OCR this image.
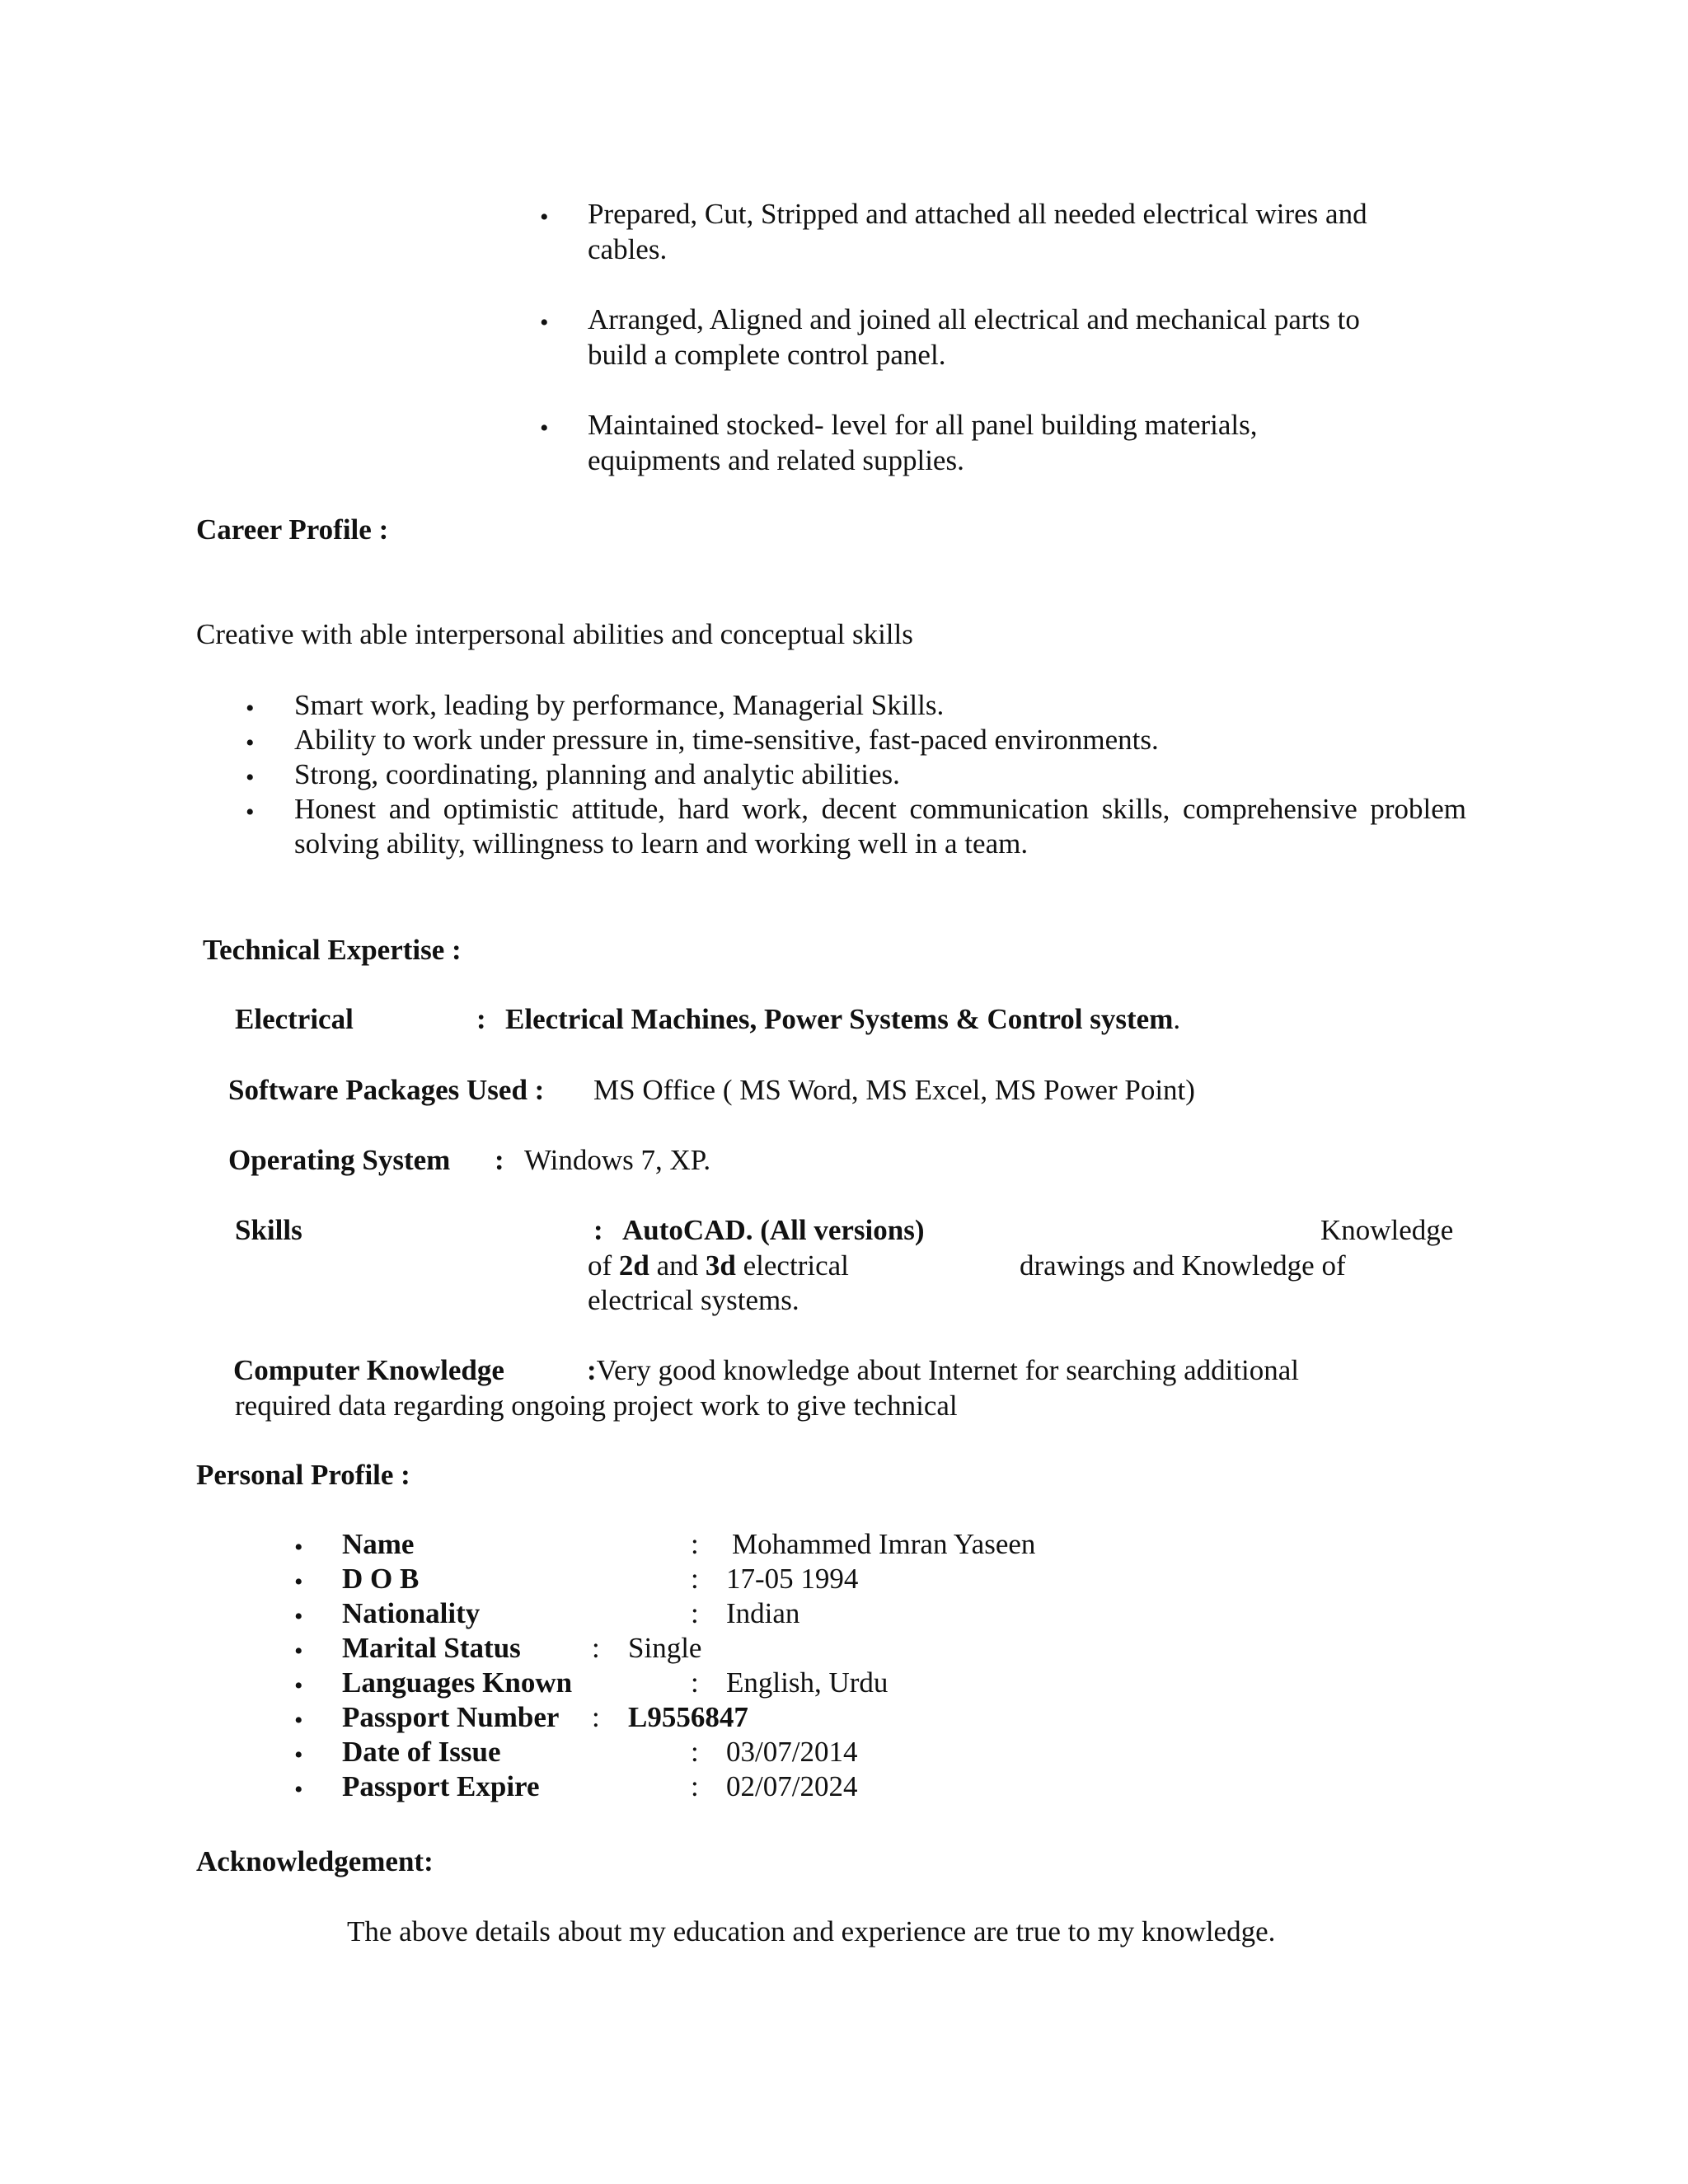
• Prepared, Cut, Stripped and attached all needed electrical wires and
cables.
• Arranged, Aligned and joined all electrical and mechanical parts to
build a complete control panel.
• Maintained stocked- level for all panel building materials,
equipments and related supplies.
Career Profile :
Creative with able interpersonal abilities and conceptual skills
• Smart work, leading by performance, Managerial Skills.
• Ability to work under pressure in, time-sensitive, fast-paced environments.
• Strong, coordinating, planning and analytic abilities.
• Honest and optimistic attitude, hard work, decent communication skills, comprehensive problem solving ability, willingness to learn and working well in a team.
Technical Expertise :
Electrical	: Electrical Machines, Power Systems & Control system.
Software Packages Used : MS Office ( MS Word, MS Excel, MS Power Point)
Operating System : Windows 7, XP.
Skills	: AutoCAD. (All versions)	Knowledge
of 2d and 3d electrical	drawings and Knowledge of
electrical systems.
Computer Knowledge	:Very good knowledge about Internet for searching additional
required data regarding ongoing project work to give technical
Personal Profile :
• Name	: Mohammed Imran Yaseen
• D O B	: 17-05 1994
• Nationality	: Indian
• Marital Status : Single
• Languages Known	: English, Urdu
• Passport Number : L9556847
• Date of Issue	: 03/07/2014
• Passport Expire	: 02/07/2024
Acknowledgement:
The above details about my education and experience are true to my knowledge.
